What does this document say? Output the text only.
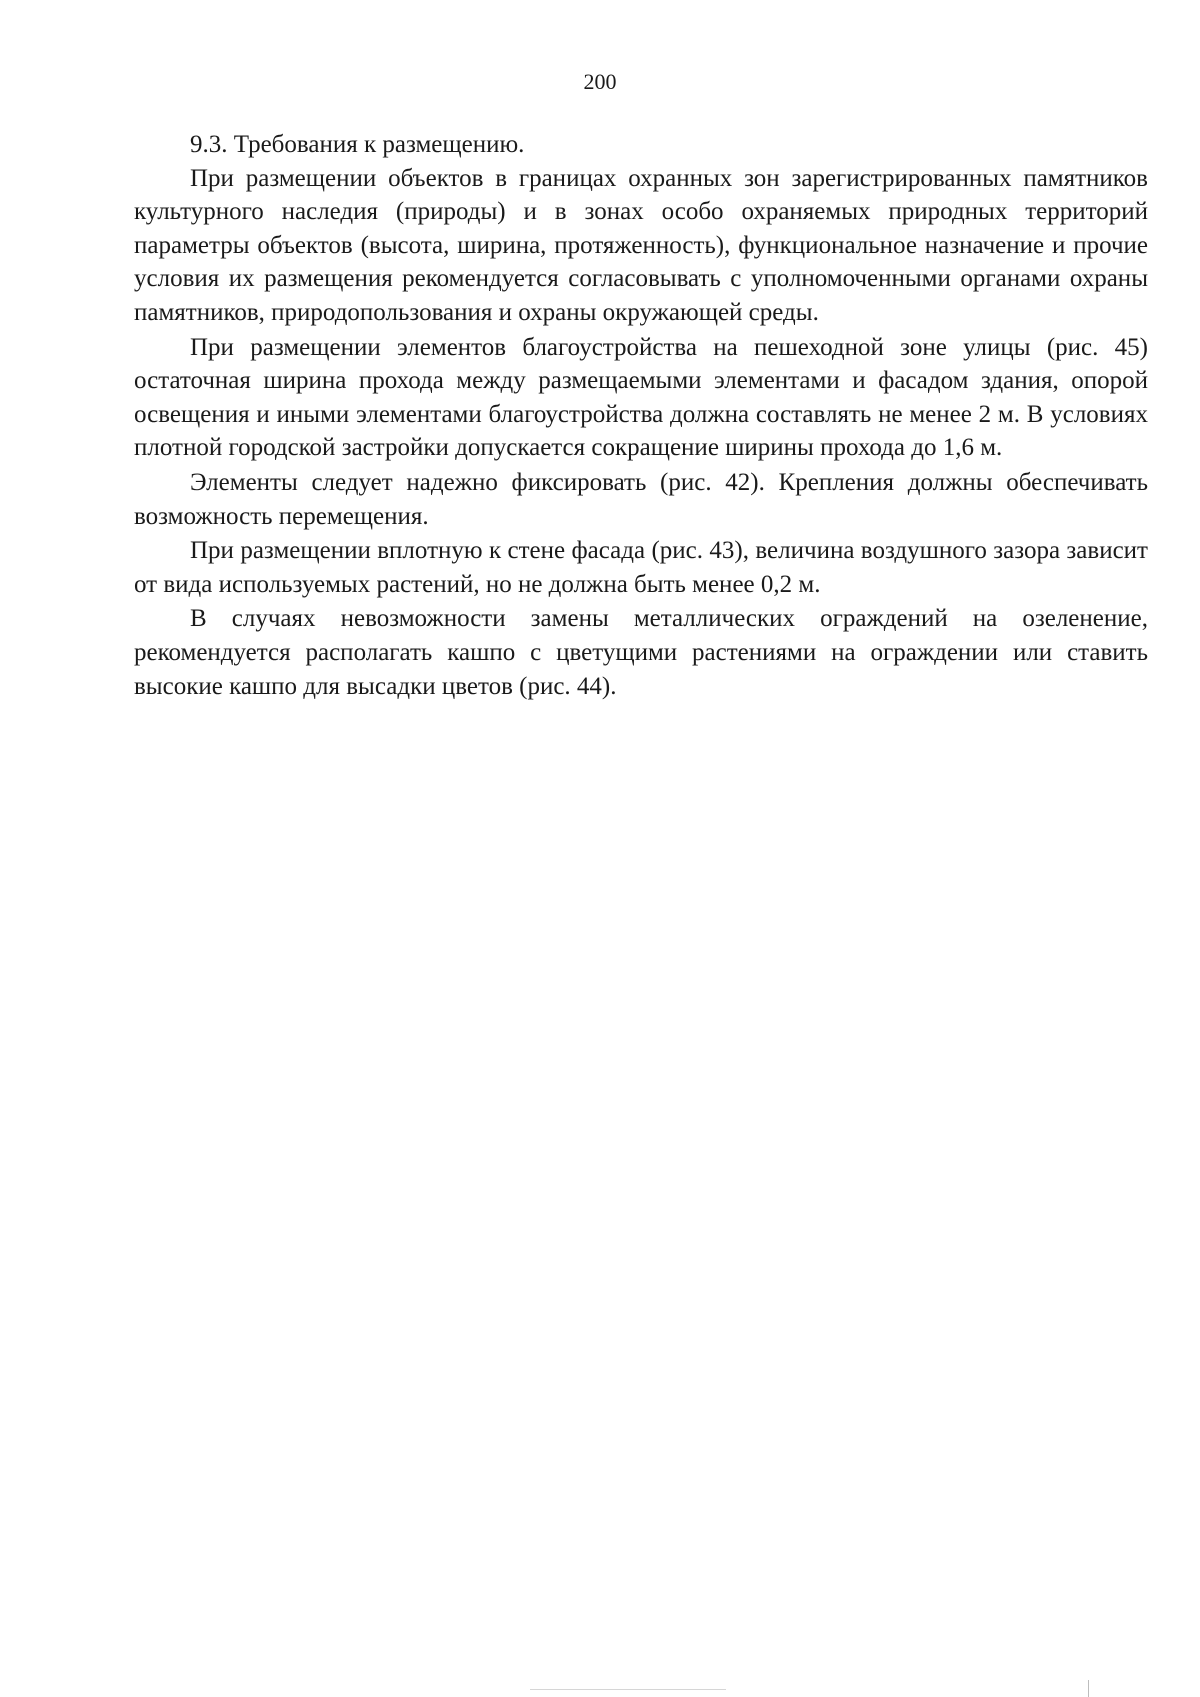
200

9.3. Требования к размещению.

При размещении объектов в границах охранных зон зарегистрированных памятников культурного наследия (природы) и в зонах особо охраняемых природных территорий параметры объектов (высота, ширина, протяженность), функциональное назначение и прочие условия их размещения рекомендуется согласовывать с уполномоченными органами охраны памятников, природопользования и охраны окружающей среды.

При размещении элементов благоустройства на пешеходной зоне улицы (рис. 45) остаточная ширина прохода между размещаемыми элементами и фасадом здания, опорой освещения и иными элементами благоустройства должна составлять не менее 2 м. В условиях плотной городской застройки допускается сокращение ширины прохода до 1,6 м.

Элементы следует надежно фиксировать (рис. 42). Крепления должны обеспечивать возможность перемещения.

При размещении вплотную к стене фасада (рис. 43), величина воздушного зазора зависит от вида используемых растений, но не должна быть менее 0,2 м.

В случаях невозможности замены металлических ограждений на озеленение, рекомендуется располагать кашпо с цветущими растениями на ограждении или ставить высокие кашпо для высадки цветов (рис. 44).
